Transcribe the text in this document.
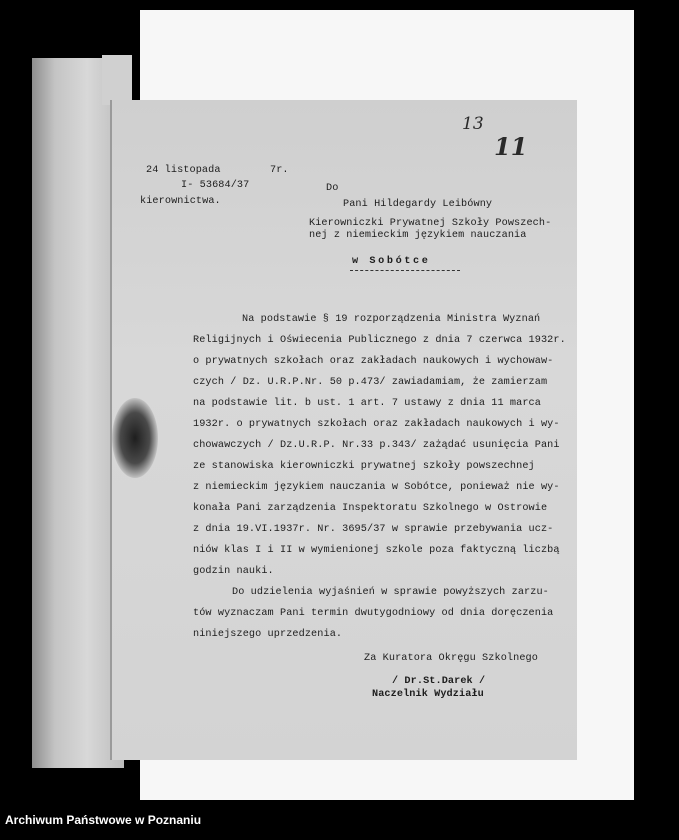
13
11
24 listopada	7r.
I- 53684/37
kierownictwa.
Do
Pani Hildegardy Leibówny
Kierowniczki Prywatnej Szkoły Powszech-
nej z niemieckim językiem nauczania
w Sobótce
Na podstawie § 19 rozporządzenia Ministra Wyznań
Religijnych i Oświecenia Publicznego z dnia 7 czerwca 1932r.
o prywatnych szkołach oraz zakładach naukowych i wychowaw-
czych / Dz. U.R.P.Nr. 50 p.473/ zawiadamiam, że zamierzam
na podstawie lit. b ust. 1 art. 7 ustawy z dnia 11 marca
1932r. o prywatnych szkołach oraz zakładach naukowych i wy-
chowawczych / Dz.U.R.P. Nr.33 p.343/ zażądać usunięcia Pani
ze stanowiska kierowniczki prywatnej szkoły powszechnej
z niemieckim językiem nauczania w Sobótce, ponieważ nie wy-
konała Pani zarządzenia Inspektoratu Szkolnego w Ostrowie
z dnia 19.VI.1937r. Nr. 3695/37 w sprawie przebywania ucz-
niów klas I i II w wymienionej szkole poza faktyczną liczbą
godzin nauki.
Do udzielenia wyjaśnień w sprawie powyższych zarzu-
tów wyznaczam Pani termin dwutygodniowy od dnia doręczenia
niniejszego uprzedzenia.
Za Kuratora Okręgu Szkolnego
/ Dr.St.Darek /
Naczelnik Wydziału
Archiwum Państwowe w Poznaniu
